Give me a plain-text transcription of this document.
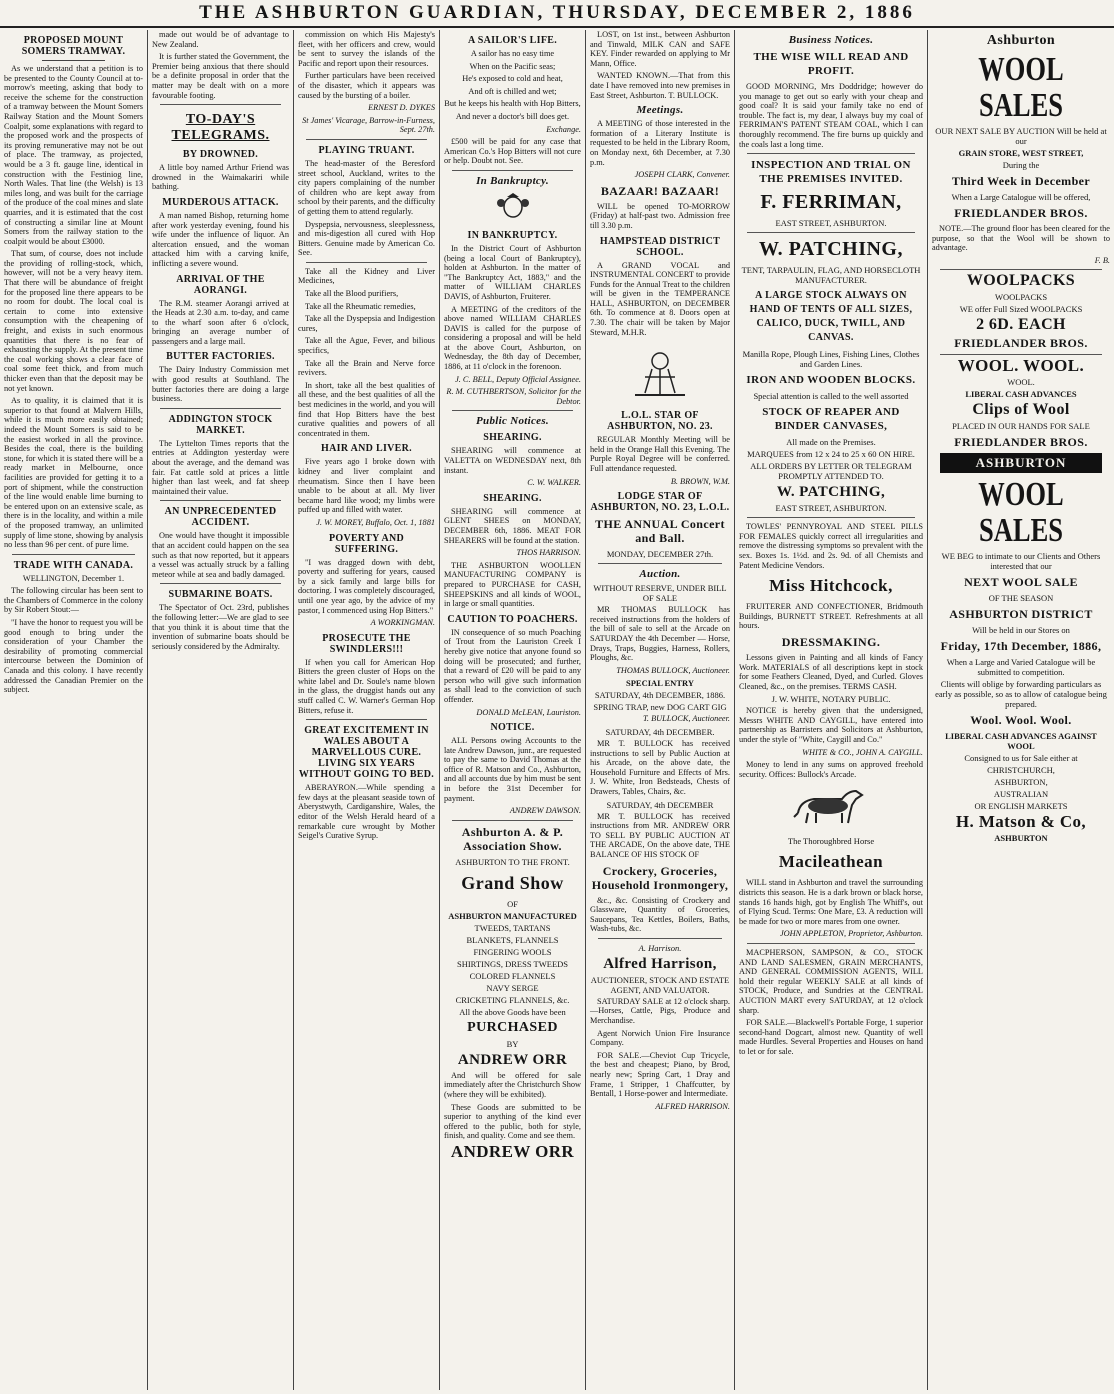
THE ASHBURTON GUARDIAN, THURSDAY, DECEMBER 2, 1886
PROPOSED MOUNT SOMERS TRAMWAY.

As we understand that a petition is to be presented to the County Council at to-morrow's meeting, asking that body to receive the scheme for the construction of a tramway between the Mount Somers Railway Station and the Mount Somers Coalpit, some explanations with regard to the proposed work and the prospects of its proving remunerative may not be out of place. The tramway, as projected, would be a 3 ft. gauge line, identical in construction with the Festiniog line, North Wales. That line (the Welsh) is 13 miles long, and was built for the carriage of the produce of the coal mines and slate quarries, and it is estimated that the cost of constructing a similar line at Mount Somers from the railway station to the coalpit would be about £3000.

That sum, of course, does not include the providing of rolling-stock, which, however, will not be a very heavy item. That there will be abundance of freight for the proposed line there appears to be no room for doubt. The local coal is certain to come into extensive consumption with the cheapening of freight, and exists in such enormous quantities that there is no fear of exhausting the supply. At the present time the coal working shows a clear face of coal some feet thick, and from much thicker even than that the deposit may be not yet known.

As to quality, it is claimed that it is superior to that found at Malvern Hills, while it is much more easily obtained; indeed the Mount Somers is said to be the easiest worked in all the province. Besides the coal, there is the building stone, for which it is stated there will be a ready market in Melbourne, once facilities are provided for getting it to a port of shipment, while the construction of the line would enable lime burning to be entered upon on an extensive scale, as there is in the locality, and within a mile of the proposed tramway, an unlimited supply of lime stone, showing by analysis no less than 96 per cent. of pure lime.

TRADE WITH CANADA.

WELLINGTON, December 1.

The following circular has been sent to the Chambers of Commerce in the colony by Sir Robert Stout:—

"I have the honor to request you will be good enough to bring under the consideration of your Chamber the desirability of promoting commercial intercourse between the Dominion of Canada and this colony. I have recently addressed the Canadian Premier on the subject.

made out would be of advantage to New Zealand.

It is further stated the Government, the Premier being anxious that there should be a definite proposal in order that the matter may be dealt with on a more favourable footing.

TO-DAY'S TELEGRAMS.
BY DROWNED.

A little boy named Arthur Friend was drowned in the Waimakariri while bathing.

MURDEROUS ATTACK.

A man named Bishop, returning home after work yesterday evening, found his wife under the influence of liquor. An altercation ensued, and the woman attacked him with a carving knife, inflicting a severe wound.

ARRIVAL OF THE AORANGI.

The R.M. steamer Aorangi arrived at the Heads at 2.30 a.m. to-day, and came to the wharf soon after 6 o'clock, bringing an average number of passengers and a large mail.

BUTTER FACTORIES.

The Dairy Industry Commission met with good results at Southland. The butter factories there are doing a large business.

ADDINGTON STOCK MARKET.

The Lyttelton Times reports that the entries at Addington yesterday were about the average, and the demand was fair. Fat cattle sold at prices a little higher than last week, and fat sheep maintained their value.

AN UNPRECEDENTED ACCIDENT.

One would have thought it impossible that an accident could happen on the sea such as that now reported, but it appears a vessel was actually struck by a falling meteor while at sea and badly damaged.

SUBMARINE BOATS.

The Spectator of Oct. 23rd, publishes the following letter:—We are glad to see that you think it is about time that the invention of submarine boats should be seriously considered by the Admiralty.

commission on which His Majesty's fleet, with her officers and crew, would be sent to survey the islands of the Pacific and report upon their resources.

Further particulars have been received of the disaster, which it appears was caused by the bursting of a boiler.

ERNEST D. DYKES
St James' Vicarage, Barrow-in-Furness, Sept. 27th.
PLAYING TRUANT.

The head-master of the Beresford street school, Auckland, writes to the city papers complaining of the number of children who are kept away from school by their parents, and the difficulty of getting them to attend regularly.

Dyspepsia, nervousness, sleeplessness, and mis-digestion all cured with Hop Bitters. Genuine made by American Co. See.

Take all the Kidney and Liver Medicines,

Take all the Blood purifiers,

Take all the Rheumatic remedies,

Take all the Dyspepsia and Indigestion cures,

Take all the Ague, Fever, and bilious specifics,

Take all the Brain and Nerve force revivers.

In short, take all the best qualities of all these, and the best qualities of all the best medicines in the world, and you will find that Hop Bitters have the best curative qualities and powers of all concentrated in them.

HAIR AND LIVER.

Five years ago I broke down with kidney and liver complaint and rheumatism. Since then I have been unable to be about at all. My liver became hard like wood; my limbs were puffed up and filled with water.

J. W. MOREY, Buffalo, Oct. 1, 1881
POVERTY AND SUFFERING.

"I was dragged down with debt, poverty and suffering for years, caused by a sick family and large bills for doctoring. I was completely discouraged, until one year ago, by the advice of my pastor, I commenced using Hop Bitters."

A WORKINGMAN.
PROSECUTE THE SWINDLERS!!!

If when you call for American Hop Bitters the green cluster of Hops on the white label and Dr. Soule's name blown in the glass, the druggist hands out any stuff called C. W. Warner's German Hop Bitters, refuse it.

GREAT EXCITEMENT IN WALES ABOUT A MARVELLOUS CURE. LIVING SIX YEARS WITHOUT GOING TO BED.

ABERAYRON.—While spending a few days at the pleasant seaside town of Aberystwyth, Cardiganshire, Wales, the editor of the Welsh Herald heard of a remarkable cure wrought by Mother Seigel's Curative Syrup.

A SAILOR'S LIFE.

A sailor has no easy time

When on the Pacific seas;

He's exposed to cold and heat,

And oft is chilled and wet;

But he keeps his health with Hop Bitters,

And never a doctor's bill does get.

Exchange.

£500 will be paid for any case that American Co.'s Hop Bitters will not cure or help. Doubt not. See.

In Bankruptcy.
IN BANKRUPTCY.

In the District Court of Ashburton (being a local Court of Bankruptcy), holden at Ashburton. In the matter of "The Bankruptcy Act, 1883," and the matter of WILLIAM CHARLES DAVIS, of Ashburton, Fruiterer.

A MEETING of the creditors of the above named WILLIAM CHARLES DAVIS is called for the purpose of considering a proposal and will be held at the above Court, Ashburton, on Wednesday, the 8th day of December, 1886, at 11 o'clock in the forenoon.

J. C. BELL, Deputy Official Assignee.
R. M. CUTHBERTSON, Solicitor for the Debtor.
Public Notices.
SHEARING.

SHEARING will commence at VALETTA on WEDNESDAY next, 8th instant.

C. W. WALKER.
SHEARING.

SHEARING will commence at GLENT SHEES on MONDAY, DECEMBER 6th, 1886. MEAT FOR SHEARERS will be found at the station.

THOS HARRISON.

THE ASHBURTON WOOLLEN MANUFACTURING COMPANY is prepared to PURCHASE for CASH, SHEEPSKINS and all kinds of WOOL, in large or small quantities.

CAUTION TO POACHERS.

IN consequence of so much Poaching of Trout from the Lauriston Creek I hereby give notice that anyone found so doing will be prosecuted; and further, that a reward of £20 will be paid to any person who will give such information as shall lead to the conviction of such offender.

DONALD McLEAN, Lauriston.
NOTICE.

ALL Persons owing Accounts to the late Andrew Dawson, junr., are requested to pay the same to David Thomas at the office of R. Matson and Co., Ashburton, and all accounts due by him must be sent in before the 31st December for payment.

ANDREW DAWSON.
Ashburton A. & P. Association Show.
ASHBURTON TO THE FRONT.
Grand Show
OF
ASHBURTON MANUFACTURED
TWEEDS, TARTANS
BLANKETS, FLANNELS
FINGERING WOOLS
SHIRTINGS, DRESS TWEEDS
COLORED FLANNELS
NAVY SERGE
CRICKETING FLANNELS, &c.
All the above Goods have been
PURCHASED
BY
ANDREW ORR

And will be offered for sale immediately after the Christchurch Show (where they will be exhibited).

These Goods are submitted to be superior to anything of the kind ever offered to the public, both for style, finish, and quality. Come and see them.

ANDREW ORR

LOST, on 1st inst., between Ashburton and Tinwald, MILK CAN and SAFE KEY. Finder rewarded on applying to Mr Mann, Office.

WANTED KNOWN.—That from this date I have removed into new premises in East Street, Ashburton. T. BULLOCK.

Meetings.

A MEETING of those interested in the formation of a Literary Institute is requested to be held in the Library Room, on Monday next, 6th December, at 7.30 p.m.

JOSEPH CLARK, Convener.
BAZAAR! BAZAAR!

WILL be opened TO-MORROW (Friday) at half-past two. Admission free till 3.30 p.m.

HAMPSTEAD DISTRICT SCHOOL.

A GRAND VOCAL and INSTRUMENTAL CONCERT to provide Funds for the Annual Treat to the children will be given in the TEMPERANCE HALL, ASHBURTON, on DECEMBER 6th. To commence at 8. Doors open at 7.30. The chair will be taken by Major Steward, M.H.R.

L.O.L. STAR OF ASHBURTON, NO. 23.

REGULAR Monthly Meeting will be held in the Orange Hall this Evening. The Purple Royal Degree will be conferred. Full attendance requested.

B. BROWN, W.M.
LODGE STAR OF ASHBURTON, NO. 23, L.O.L.
THE ANNUAL Concert and Ball.
MONDAY, DECEMBER 27th.
Auction.
WITHOUT RESERVE, UNDER BILL OF SALE

MR THOMAS BULLOCK has received instructions from the holders of the bill of sale to sell at the Arcade on SATURDAY the 4th December — Horse, Drays, Traps, Buggies, Harness, Rollers, Ploughs, &c.

THOMAS BULLOCK, Auctioneer.
SPECIAL ENTRY
SATURDAY, 4th DECEMBER, 1886.
SPRING TRAP, new DOG CART GIG
T. BULLOCK, Auctioneer.
SATURDAY, 4th DECEMBER.

MR T. BULLOCK has received instructions to sell by Public Auction at his Arcade, on the above date, the Household Furniture and Effects of Mrs. J. W. White, Iron Bedsteads, Chests of Drawers, Tables, Chairs, &c.

SATURDAY, 4th DECEMBER

MR T. BULLOCK has received instructions from MR. ANDREW ORR TO SELL BY PUBLIC AUCTION AT THE ARCADE, On the above date, THE BALANCE OF HIS STOCK OF

Crockery, Groceries, Household Ironmongery,

&c., &c. Consisting of Crockery and Glassware, Quantity of Groceries, Saucepans, Tea Kettles, Boilers, Baths, Wash-tubs, &c.

A. Harrison.
Alfred Harrison,
AUCTIONEER, STOCK AND ESTATE AGENT, AND VALUATOR.

SATURDAY SALE at 12 o'clock sharp.—Horses, Cattle, Pigs, Produce and Merchandise.

Agent Norwich Union Fire Insurance Company.

FOR SALE.—Cheviot Cup Tricycle, the best and cheapest; Piano, by Brod, nearly new; Spring Cart, 1 Dray and Frame, 1 Stripper, 1 Chaffcutter, by Bentall, 1 Horse-power and Intermediate.

ALFRED HARRISON.
Business Notices.
THE WISE WILL READ AND PROFIT.

GOOD MORNING, Mrs Doddridge; however do you manage to get out so early with your cheap and good coal? It is said your family take no end of trouble. The fact is, my dear, I always buy my coal of FERRIMAN'S PATENT STEAM COAL, which I can thoroughly recommend. The fire burns up quickly and the coals last a long time.

INSPECTION AND TRIAL ON THE PREMISES INVITED.
F. FERRIMAN,
EAST STREET, ASHBURTON.
W. PATCHING,
TENT, TARPAULIN, FLAG, AND HORSECLOTH MANUFACTURER.
A LARGE STOCK ALWAYS ON HAND OF TENTS OF ALL SIZES, CALICO, DUCK, TWILL, AND CANVAS.
Manilla Rope, Plough Lines, Fishing Lines, Clothes and Garden Lines.
IRON AND WOODEN BLOCKS.
Special attention is called to the well assorted
STOCK OF REAPER AND BINDER CANVASES,
All made on the Premises.
MARQUEES from 12 x 24 to 25 x 60 ON HIRE.
ALL ORDERS BY LETTER OR TELEGRAM PROMPTLY ATTENDED TO.
W. PATCHING,
EAST STREET, ASHBURTON.

TOWLES' PENNYROYAL AND STEEL PILLS FOR FEMALES quickly correct all irregularities and remove the distressing symptoms so prevalent with the sex. Boxes 1s. 1½d. and 2s. 9d. of all Chemists and Patent Medicine Vendors.

Miss Hitchcock,

FRUITERER AND CONFECTIONER, Bridmouth Buildings, BURNETT STREET. Refreshments at all hours.

DRESSMAKING.

Lessons given in Painting and all kinds of Fancy Work. MATERIALS of all descriptions kept in stock for some Feathers Cleaned, Dyed, and Curled. Gloves Cleaned, &c., on the premises. TERMS CASH.

J. W. WHITE, NOTARY PUBLIC.

NOTICE is hereby given that the undersigned, Messrs WHITE AND CAYGILL, have entered into partnership as Barristers and Solicitors at Ashburton, under the style of "White, Caygill and Co."

WHITE & CO., JOHN A. CAYGILL.

Money to lend in any sums on approved freehold security. Offices: Bullock's Arcade.

The Thoroughbred Horse
Macileathean

WILL stand in Ashburton and travel the surrounding districts this season. He is a dark brown or black horse, stands 16 hands high, got by English The Whiff's, out of Flying Scud. Terms: One Mare, £3. A reduction will be made for two or more mares from one owner.

JOHN APPLETON, Proprietor, Ashburton.

MACPHERSON, SAMPSON, & CO., STOCK AND LAND SALESMEN, GRAIN MERCHANTS, AND GENERAL COMMISSION AGENTS, WILL hold their regular WEEKLY SALE at all kinds of STOCK, Produce, and Sundries at the CENTRAL AUCTION MART every SATURDAY, at 12 o'clock sharp.

FOR SALE.—Blackwell's Portable Forge, 1 superior second-hand Dogcart, almost new. Quantity of well made Hurdles. Several Properties and Houses on hand to let or for sale.

Ashburton
WOOL SALES
OUR NEXT SALE BY AUCTION Will be held at our
GRAIN STORE, WEST STREET,
During the
Third Week in December
When a Large Catalogue will be offered,
FRIEDLANDER BROS.

NOTE.—The ground floor has been cleared for the purpose, so that the Wool will be shown to advantage.

F. B.
WOOLPACKS
WOOLPACKS
WE offer Full Sized WOOLPACKS
2 6D. EACH
FRIEDLANDER BROS.
WOOL. WOOL.
WOOL.
LIBERAL CASH ADVANCES
Clips of Wool
PLACED IN OUR HANDS FOR SALE
FRIEDLANDER BROS.
ASHBURTON
WOOL SALES
WE BEG to intimate to our Clients and Others interested that our
NEXT WOOL SALE
OF THE SEASON
ASHBURTON DISTRICT
Will be held in our Stores on
Friday, 17th December, 1886,
When a Large and Varied Catalogue will be submitted to competition.
Clients will oblige by forwarding particulars as early as possible, so as to allow of catalogue being prepared.
Wool. Wool. Wool.
LIBERAL CASH ADVANCES AGAINST WOOL
Consigned to us for Sale either at
CHRISTCHURCH,
ASHBURTON,
AUSTRALIAN
OR ENGLISH MARKETS
H. Matson & Co,
ASHBURTON
